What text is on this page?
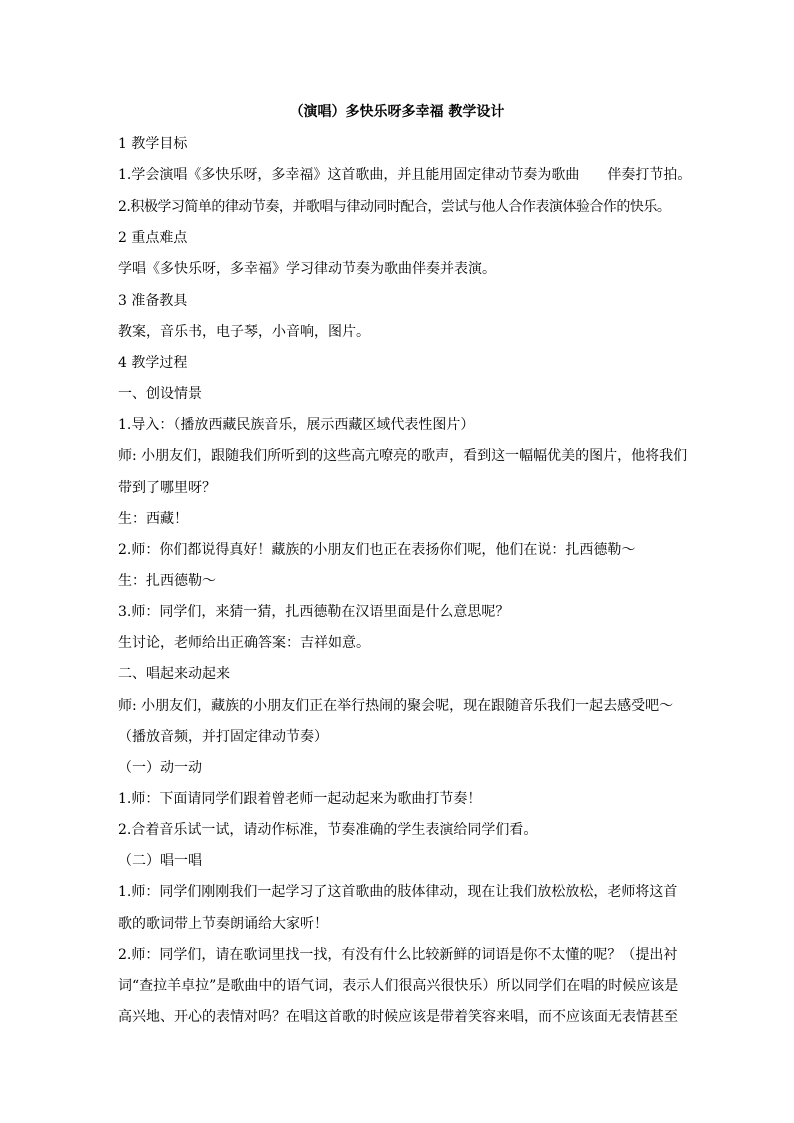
（演唱）多快乐呀多幸福 教学设计
1 教学目标
1.学会演唱《多快乐呀，多幸福》这首歌曲，并且能用固定律动节奏为歌曲 伴奏打节拍。
2.积极学习简单的律动节奏，并歌唱与律动同时配合，尝试与他人合作表演体验合作的快乐。
2 重点难点
学唱《多快乐呀，多幸福》学习律动节奏为歌曲伴奏并表演。
3 准备教具
教案，音乐书，电子琴，小音响，图片。
4 教学过程
一、创设情景
1.导入：（播放西藏民族音乐，展示西藏区域代表性图片）
师: 小朋友们，跟随我们所听到的这些高亢嘹亮的歌声，看到这一幅幅优美的图片，他将我们
带到了哪里呀？
生：西藏！
2.师：你们都说得真好！藏族的小朋友们也正在表扬你们呢，他们在说：扎西德勒～
生：扎西德勒～
3.师：同学们，来猜一猜，扎西德勒在汉语里面是什么意思呢？
生讨论，老师给出正确答案：吉祥如意。
二、唱起来动起来
师: 小朋友们，藏族的小朋友们正在举行热闹的聚会呢，现在跟随音乐我们一起去感受吧～
（播放音频，并打固定律动节奏）
（一）动一动
1.师：下面请同学们跟着曾老师一起动起来为歌曲打节奏！
2.合着音乐试一试，请动作标准，节奏准确的学生表演给同学们看。
（二）唱一唱
1.师：同学们刚刚我们一起学习了这首歌曲的肢体律动，现在让我们放松放松，老师将这首
歌的歌词带上节奏朗诵给大家听！
2.师：同学们，请在歌词里找一找，有没有什么比较新鲜的词语是你不太懂的呢？（提出衬
词“查拉羊卓拉”是歌曲中的语气词，表示人们很高兴很快乐）所以同学们在唱的时候应该是
高兴地、开心的表情对吗？在唱这首歌的时候应该是带着笑容来唱，而不应该面无表情甚至
